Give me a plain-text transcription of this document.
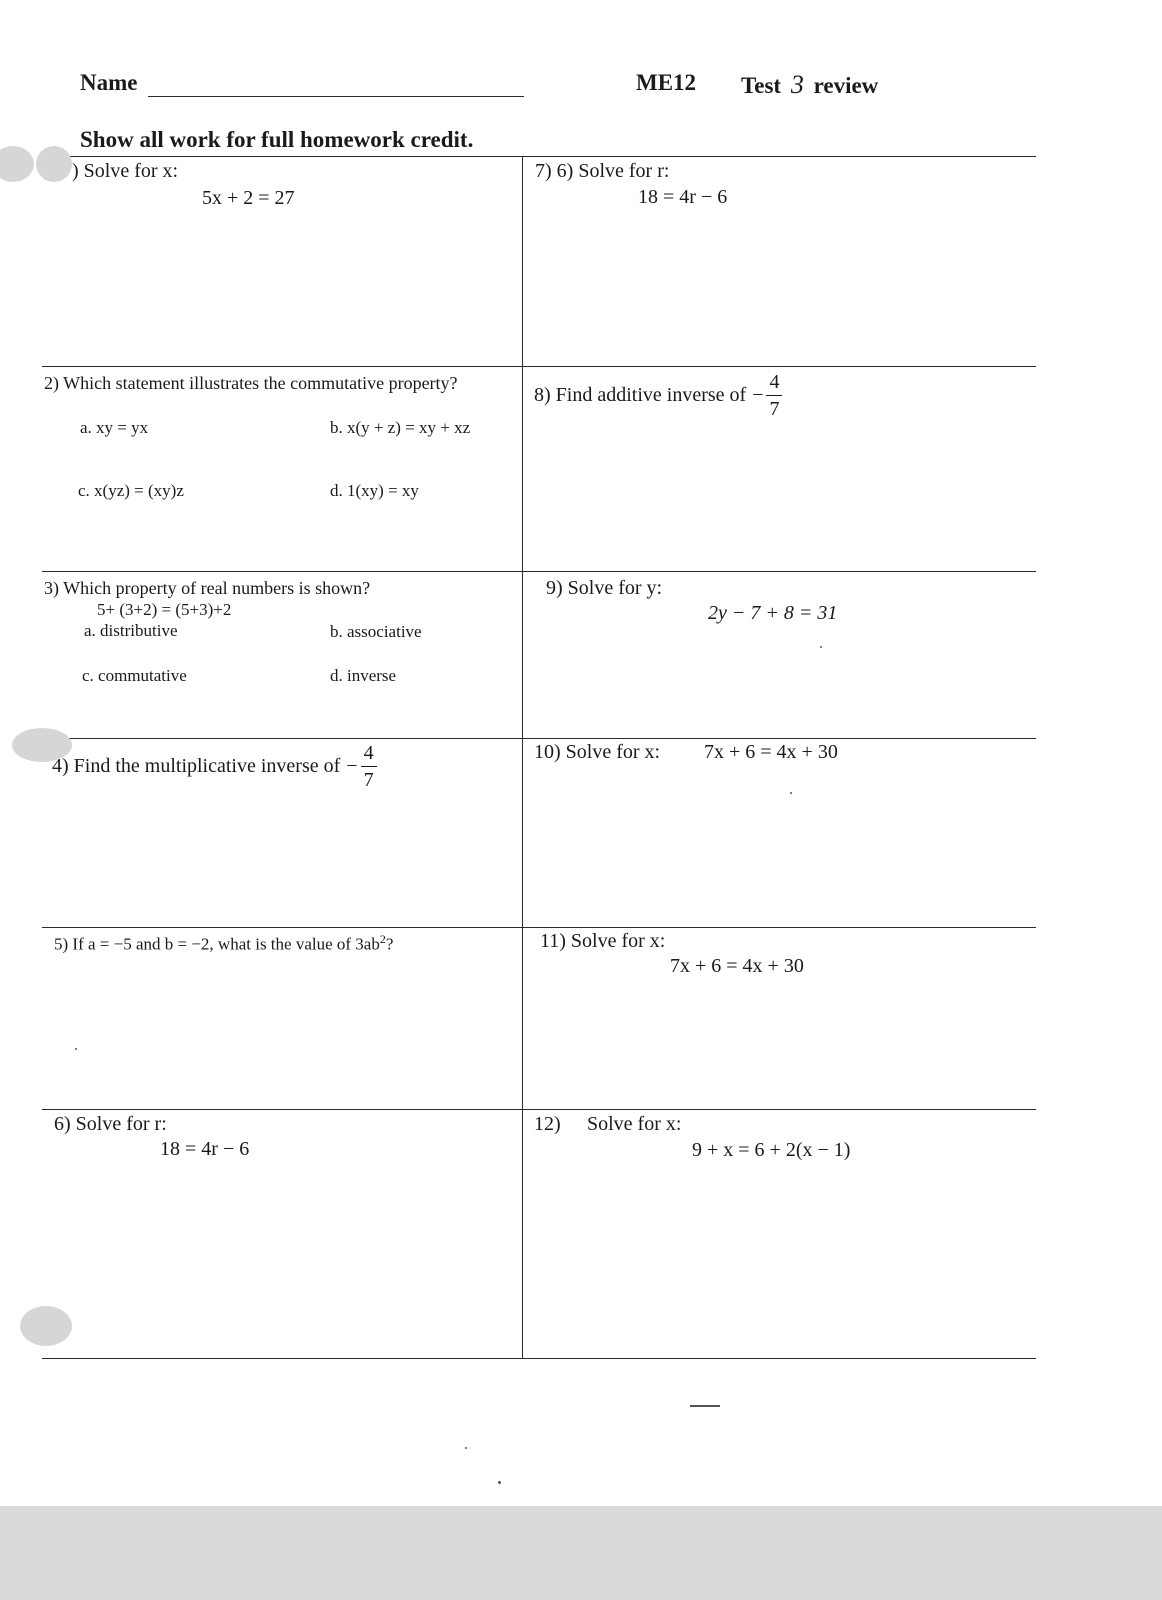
Name	ME12 Test 3 review
Show all work for full homework credit.
) Solve for x:
5x + 2 = 27
7) 6) Solve for r:
18 = 4r − 6
2) Which statement illustrates the commutative property?
a. xy = yx	b. x(y + z) = xy + xz
c. x(yz) = (xy)z	d. 1(xy) = xy
8) Find additive inverse of − $\frac{4}{7}$
3) Which property of real numbers is shown?
5+ (3+2) = (5+3)+2
a. distributive	b. associative
c. commutative	d. inverse
9) Solve for y:
2y − 7 + 8 = 31
4) Find the multiplicative inverse of − $\frac{4}{7}$	10) Solve for x: 7x + 6 = 4x + 30
5) If a = −5 and b = −2, what is the value of $3ab^2$?	11) Solve for x:
7x + 6 = 4x + 30
6) Solve for r:
18 = 4r − 6
12) Solve for x:
9 + x = 6 + 2(x − 1)
